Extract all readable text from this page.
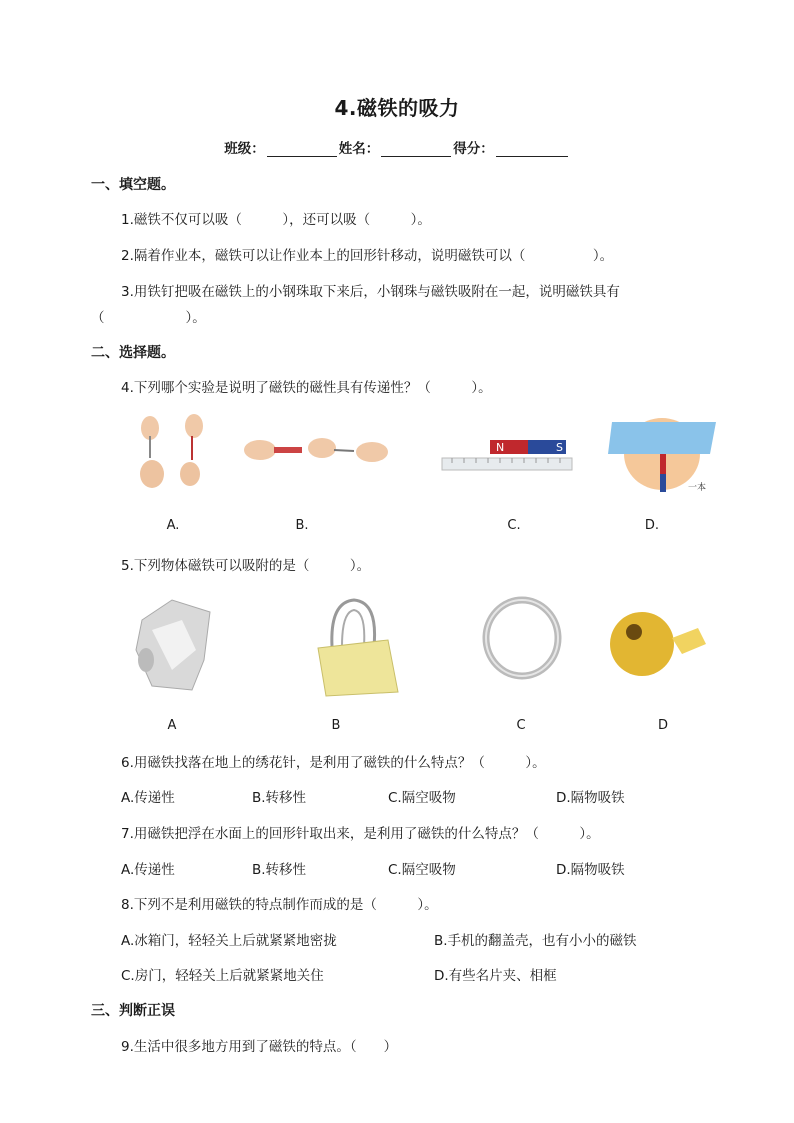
4.磁铁的吸力
班级：	姓名：	得分：
一、填空题。
1.磁铁不仅可以吸（　　　），还可以吸（　　　）。
2.隔着作业本，磁铁可以让作业本上的回形针移动，说明磁铁可以（　　　　　）。
3.用铁钉把吸在磁铁上的小钢珠取下来后，小钢珠与磁铁吸附在一起，说明磁铁具有
（　　　　　　）。
二、选择题。
4.下列哪个实验是说明了磁铁的磁性具有传递性？（　　　）。
N	S
一本
A.	B.	C.	D.
5.下列物体磁铁可以吸附的是（　　　）。
A	B	C	D
6.用磁铁找落在地上的绣花针，是利用了磁铁的什么特点？（　　　）。
A.传递性	B.转移性	C.隔空吸物	D.隔物吸铁
7.用磁铁把浮在水面上的回形针取出来，是利用了磁铁的什么特点？（　　　）。
A.传递性	B.转移性	C.隔空吸物	D.隔物吸铁
8.下列不是利用磁铁的特点制作而成的是（　　　）。
A.冰箱门，轻轻关上后就紧紧地密拢	B.手机的翻盖壳，也有小小的磁铁
C.房门，轻轻关上后就紧紧地关住	D.有些名片夹、相框
三、判断正误
9.生活中很多地方用到了磁铁的特点。（　　）
